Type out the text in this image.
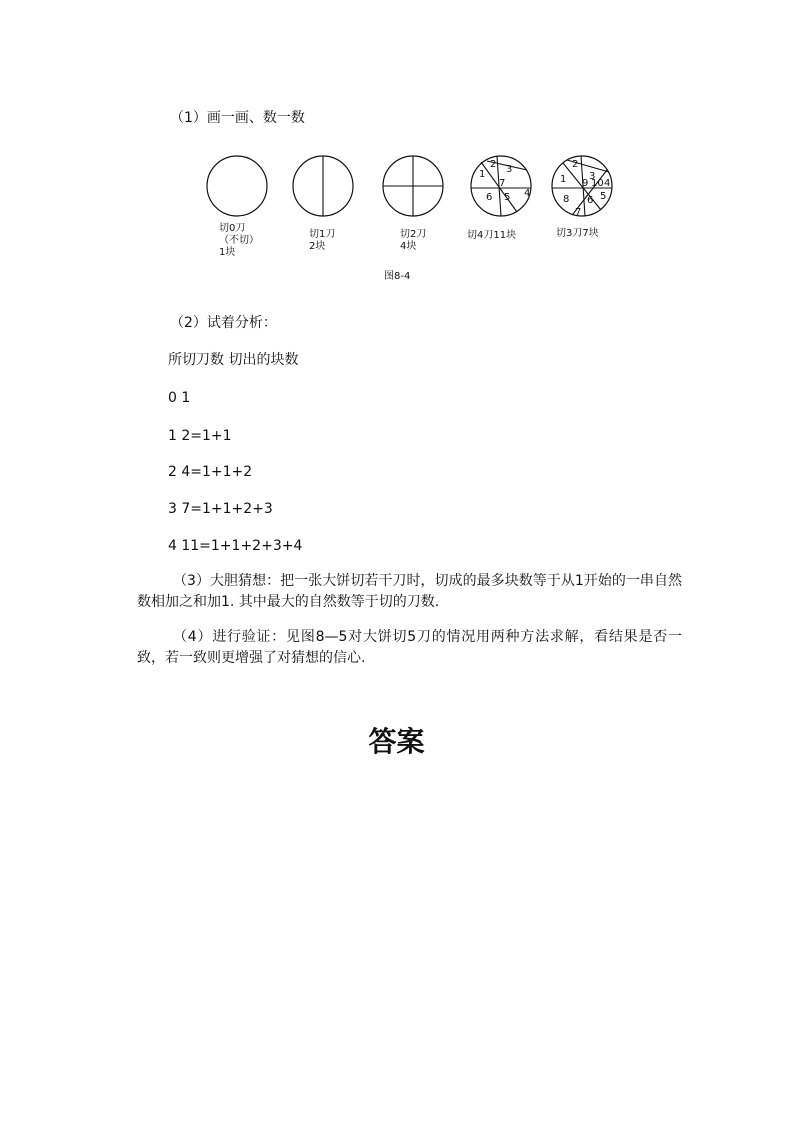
（1）画一画、数一数

切0刀
（不切）
1块
切1刀
2块
切2刀
4块
1
2 3
4
5
6
7
切4刀11块
1
2
3
4
5
6
7
8
9 10
切3刀7块
图8-4

（2）试着分析：

所切刀数 切出的块数

0 1

1 2=1+1

2 4=1+1+2

3 7=1+1+2+3

4 11=1+1+2+3+4

（3）大胆猜想：把一张大饼切若干刀时，切成的最多块数等于从1开始的一串自然数相加之和加1. 其中最大的自然数等于切的刀数.

（4）进行验证：见图8—5对大饼切5刀的情况用两种方法求解，看结果是否一致，若一致则更增强了对猜想的信心.

答案
